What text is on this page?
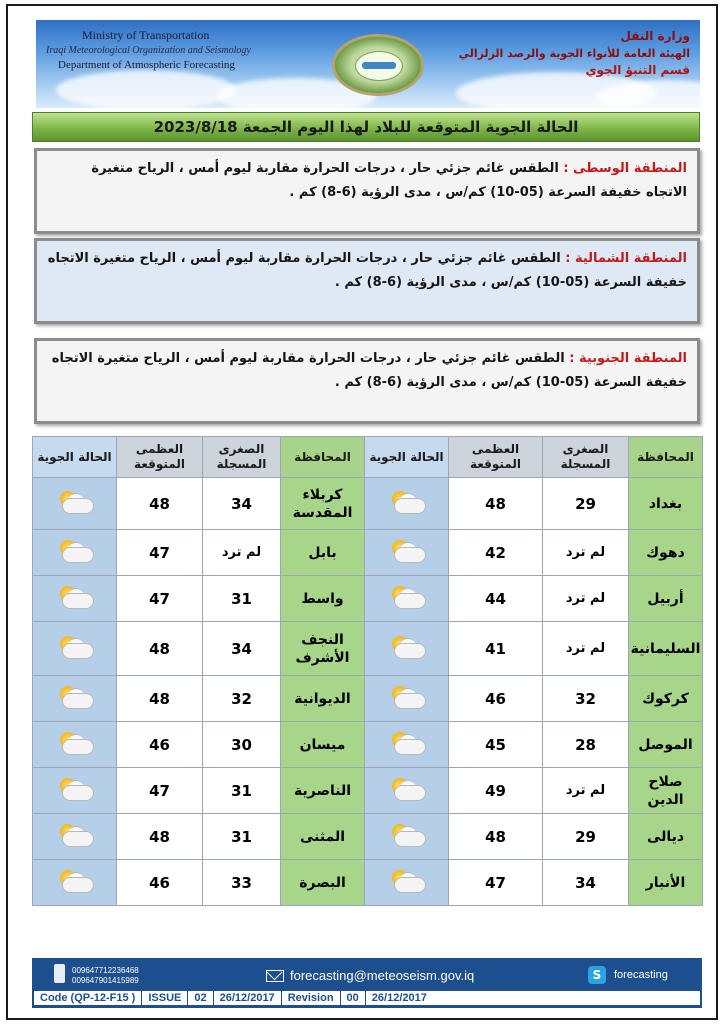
Ministry of Transportation
Iraqi Meteorological Organization and Seismology
Department of Atmospheric Forecasting
وزارة النقل
الهيئة العامة للأنواء الجوية والرصد الزلزالي
قسم التنبؤ الجوي
الحالة الجوية المتوقعة للبلاد لهذا اليوم الجمعة 2023/8/18
المنطقة الوسطى : الطقس غائم جزئي حار ، درجات الحرارة مقاربة ليوم أمس ، الرياح متغيرة الاتجاه خفيفة السرعة (05-10) كم/س ، مدى الرؤية (6-8) كم .
المنطقة الشمالية : الطقس غائم جزئي حار ، درجات الحرارة مقاربة ليوم أمس ، الرياح متغيرة الاتجاه خفيفة السرعة (05-10) كم/س ، مدى الرؤية (6-8) كم .
المنطقة الجنوبية : الطقس غائم جزئي حار ، درجات الحرارة مقاربة ليوم أمس ، الرياح متغيرة الاتجاه خفيفة السرعة (05-10) كم/س ، مدى الرؤية (6-8) كم .
الحالة الجوية	العظمى المتوقعة	الصغرى المسجلة	المحافظة	الحالة الجوية	العظمى المتوقعة	الصغرى المسجلة	المحافظة

	48	34	كربلاء المقدسة		48	29	بغداد

	47	لم ترد	بابل		42	لم ترد	دهوك

	47	31	واسط		44	لم ترد	أربيل

	48	34	النجف الأشرف		41	لم ترد	السليمانية

	48	32	الديوانية		46	32	كركوك

	46	30	ميسان		45	28	الموصل

	47	31	الناصرية		49	لم ترد	صلاح الدين

	48	31	المثنى		48	29	ديالى

	46	33	البصرة		47	34	الأنبار
009647712236468
009647901415989	forecasting@meteoseism.gov.iq	S	forecasting
Code (QP-12-F15 )	ISSUE	02	26/12/2017	Revision	00	26/12/2017
